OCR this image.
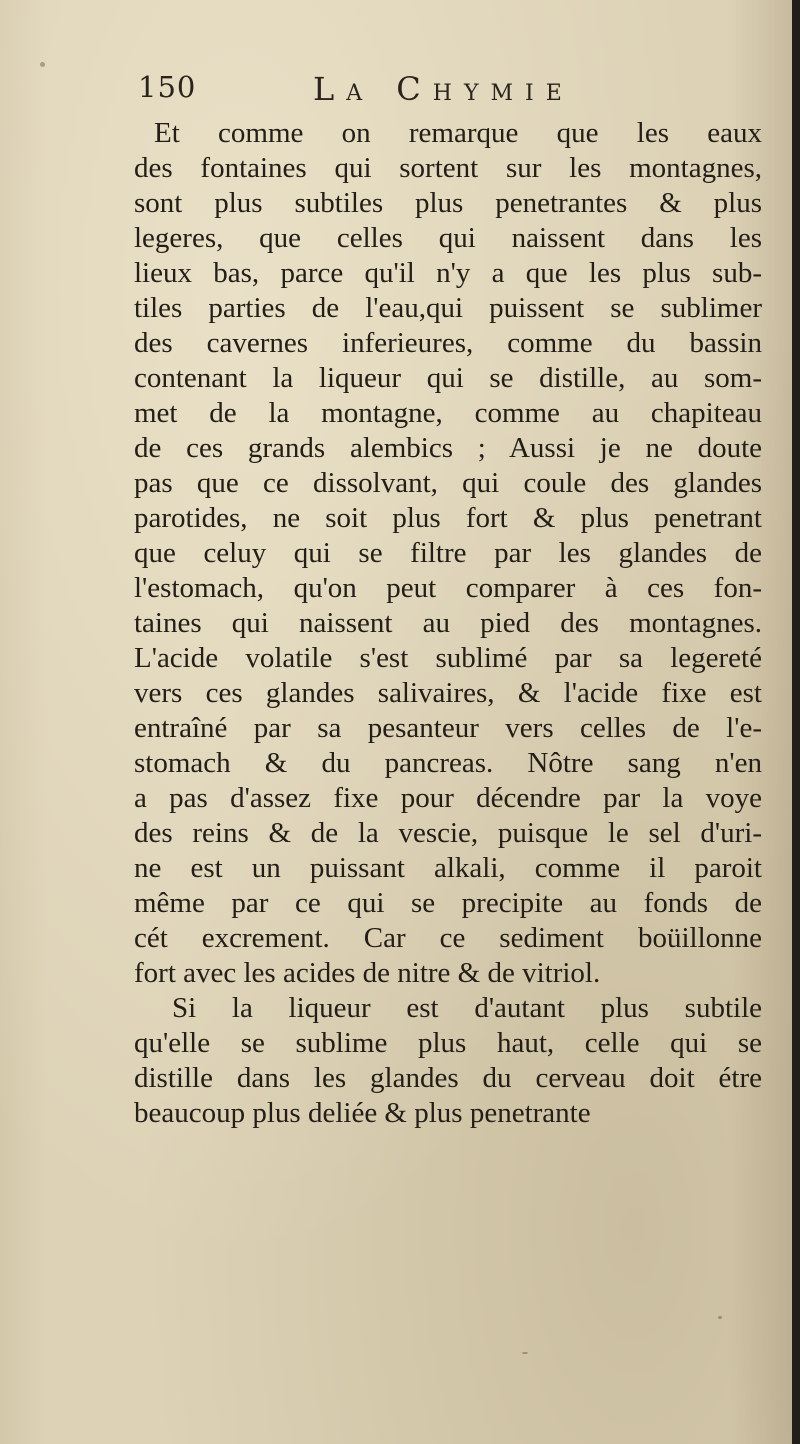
150	La Chymie
Et comme on remarque que les eaux
des fontaines qui sortent sur les montagnes,
sont plus subtiles plus penetrantes & plus
legeres, que celles qui naissent dans les
lieux bas, parce qu'il n'y a que les plus sub-
tiles parties de l'eau,qui puissent se sublimer
des cavernes inferieures, comme du bassin
contenant la liqueur qui se distille, au som-
met de la montagne, comme au chapiteau
de ces grands alembics ; Aussi je ne doute
pas que ce dissolvant, qui coule des glandes
parotides, ne soit plus fort & plus penetrant
que celuy qui se filtre par les glandes de
l'estomach, qu'on peut comparer à ces fon-
taines qui naissent au pied des montagnes.
L'acide volatile s'est sublimé par sa legereté
vers ces glandes salivaires, & l'acide fixe est
entraîné par sa pesanteur vers celles de l'e-
stomach & du pancreas. Nôtre sang n'en
a pas d'assez fixe pour décendre par la voye
des reins & de la vescie, puisque le sel d'uri-
ne est un puissant alkali, comme il paroit
même par ce qui se precipite au fonds de
cét excrement. Car ce sediment boüillonne
fort avec les acides de nitre & de vitriol.
Si la liqueur est d'autant plus subtile
qu'elle se sublime plus haut, celle qui se
distille dans les glandes du cerveau doit étre
beaucoup plus deliée & plus penetrante
